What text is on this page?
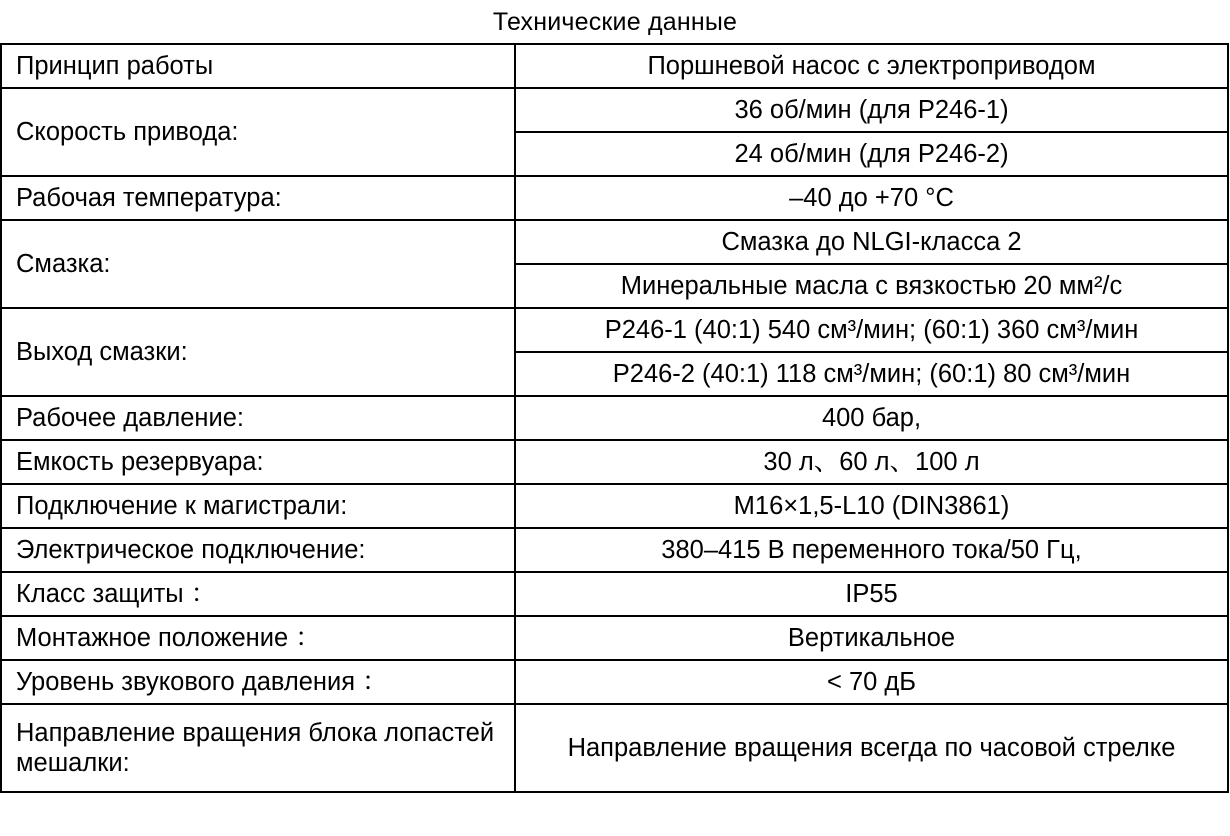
Технические данные
Принцип работы	Поршневой насос с электроприводом
Скорость привода:	36 об/мин (для P246-1)
	24 об/мин (для P246-2)
Рабочая температура:	–40 до +70 °C
Смазка:	Смазка до NLGI-класса 2
	Минеральные масла с вязкостью 20 мм²/с
Выход смазки:	P246-1 (40:1) 540 см³/мин; (60:1) 360 см³/мин
	P246-2 (40:1) 118 см³/мин; (60:1) 80 см³/мин
Рабочее давление:	400 бар,
Емкость резервуара:	30 л、60 л、100 л
Подключение к магистрали:	M16×1,5-L10 (DIN3861)
Электрическое подключение:	380–415 В переменного тока/50 Гц,
Класс защиты ：	IP55
Монтажное положение ：	Вертикальное
Уровень звукового давления ：	< 70 дБ
Направление вращения блока лопастей мешалки:	Направление вращения всегда по часовой стрелке
